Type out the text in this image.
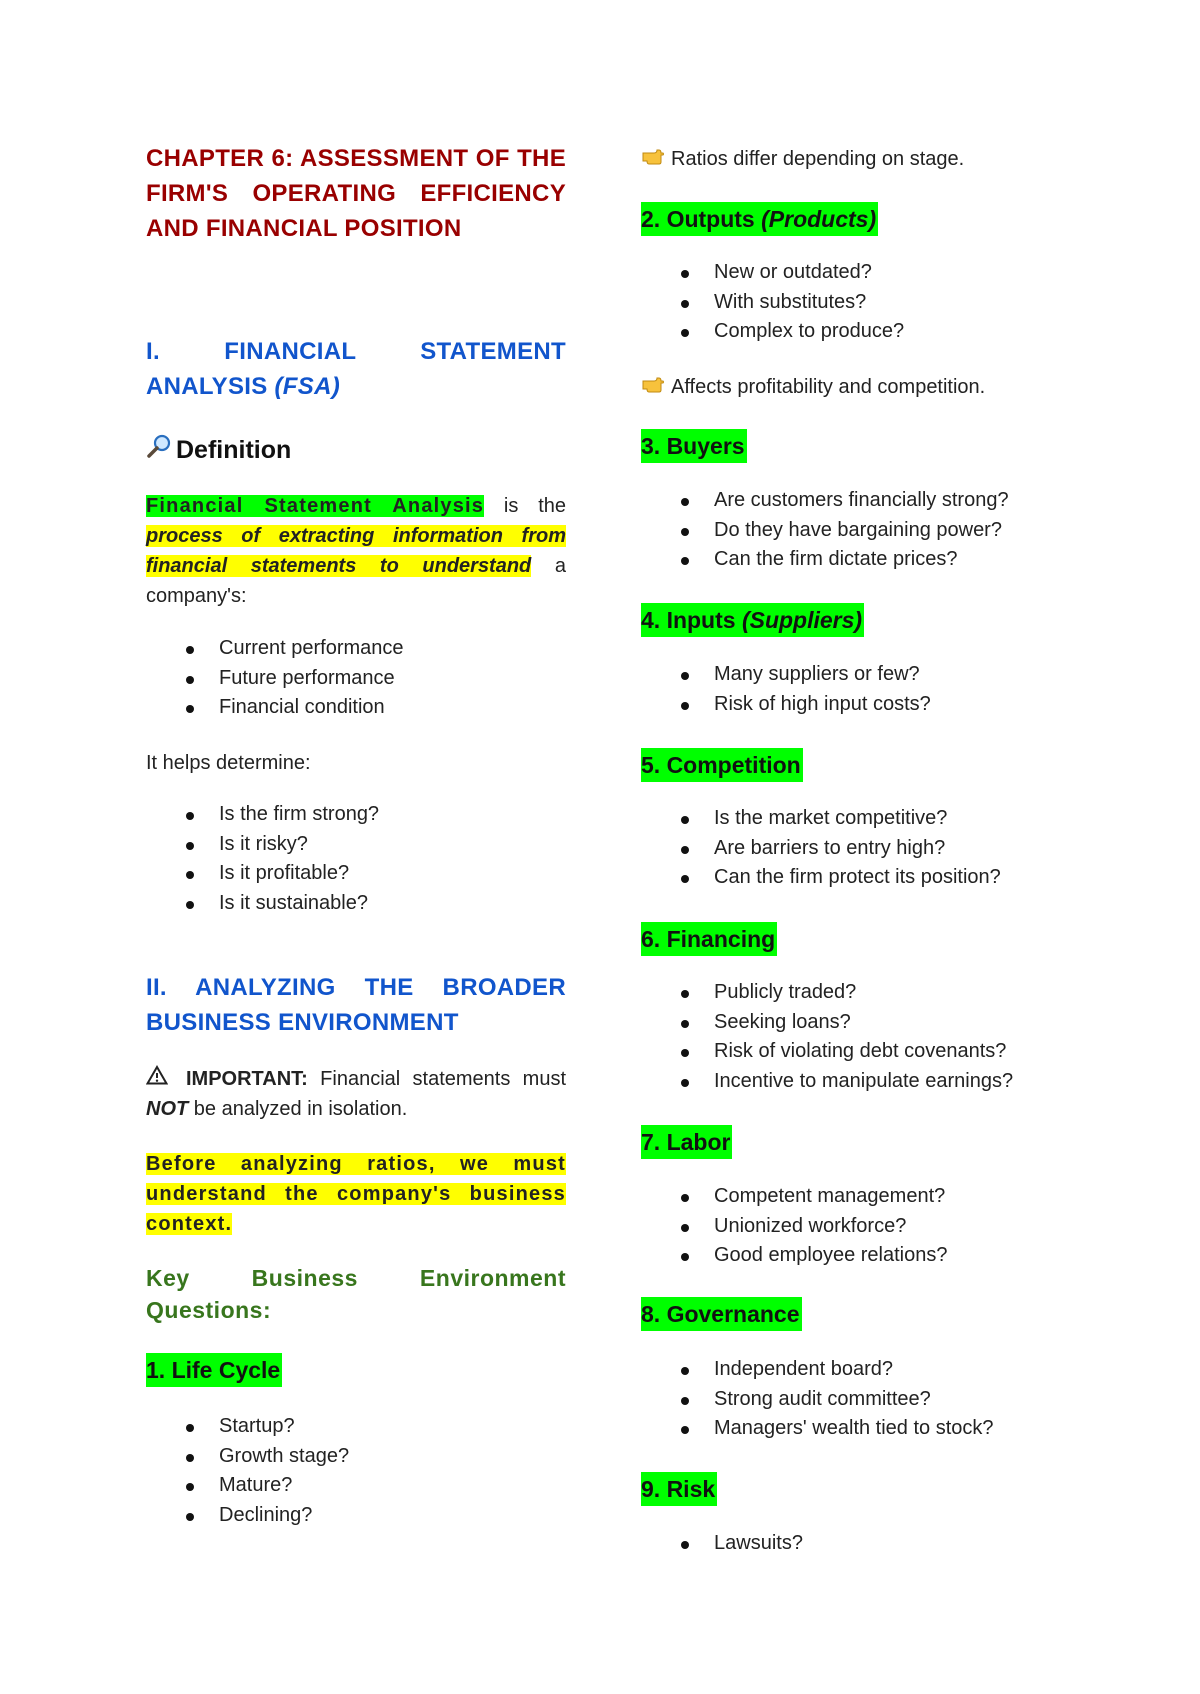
CHAPTER 6: ASSESSMENT OF THE FIRM'S OPERATING EFFICIENCY AND FINANCIAL POSITION

I. FINANCIAL STATEMENT ANALYSIS (FSA)

Definition

Financial Statement Analysis is the process of extracting information from financial statements to understand a company's:

Current performance
Future performance
Financial condition

It helps determine:

Is the firm strong?
Is it risky?
Is it profitable?
Is it sustainable?

II. ANALYZING THE BROADER BUSINESS ENVIRONMENT

IMPORTANT: Financial statements must NOT be analyzed in isolation.

Before analyzing ratios, we must understand the company's business context.

Key Business Environment Questions:

1. Life Cycle
Startup?
Growth stage?
Mature?
Declining?
Ratios differ depending on stage.
2. Outputs (Products)
New or outdated?
With substitutes?
Complex to produce?
Affects profitability and competition.
3. Buyers
Are customers financially strong?
Do they have bargaining power?
Can the firm dictate prices?
4. Inputs (Suppliers)
Many suppliers or few?
Risk of high input costs?
5. Competition
Is the market competitive?
Are barriers to entry high?
Can the firm protect its position?
6. Financing
Publicly traded?
Seeking loans?
Risk of violating debt covenants?
Incentive to manipulate earnings?
7. Labor
Competent management?
Unionized workforce?
Good employee relations?
8. Governance
Independent board?
Strong audit committee?
Managers' wealth tied to stock?
9. Risk
Lawsuits?
